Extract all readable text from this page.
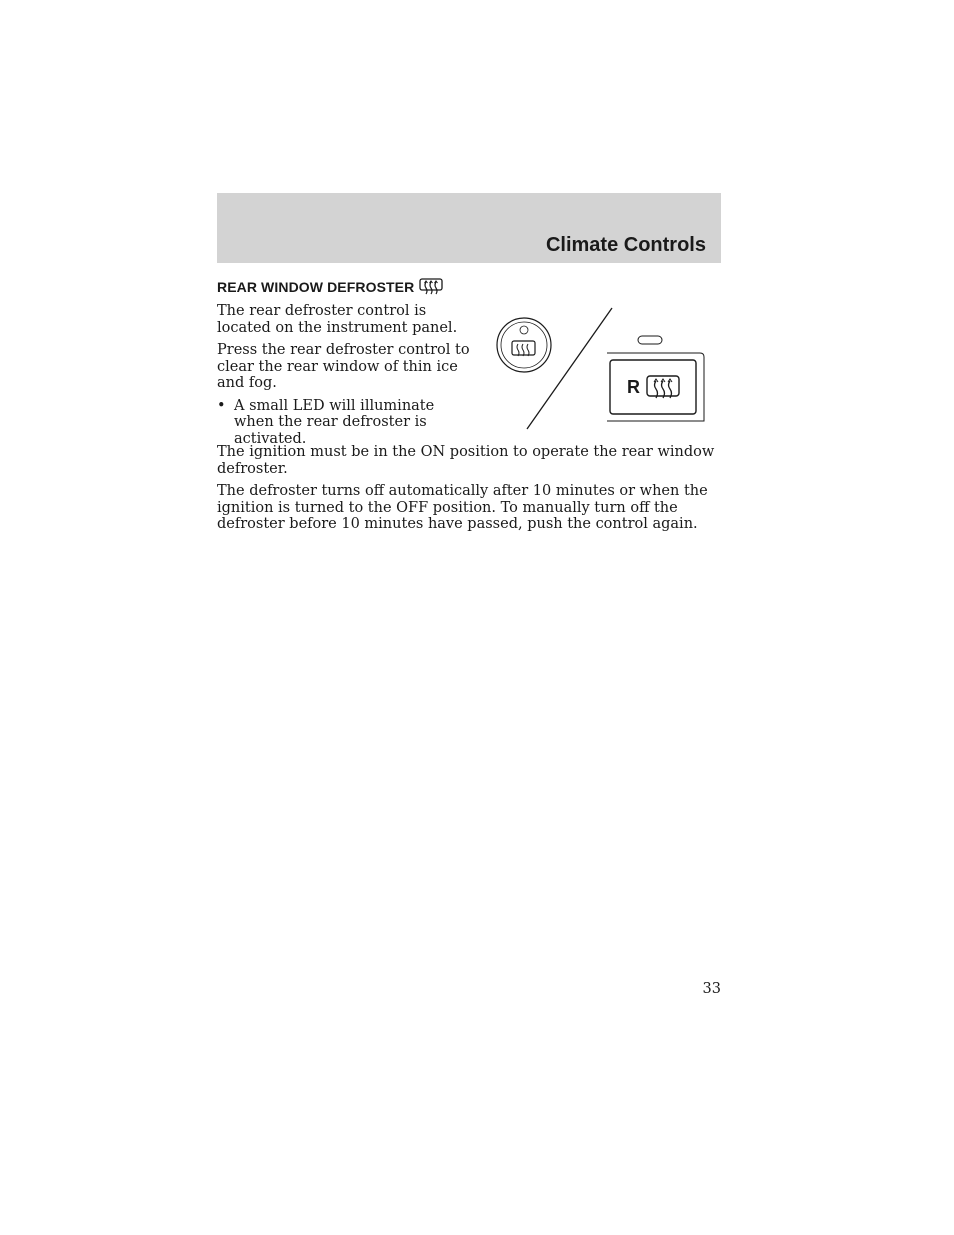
Climate Controls
REAR WINDOW DEFROSTER

The rear defroster control is located on the instrument panel.

Press the rear defroster control to clear the rear window of thin ice and fog.

• A small LED will illuminate when the rear defroster is activated.
R

The ignition must be in the ON position to operate the rear window defroster.

The defroster turns off automatically after 10 minutes or when the ignition is turned to the OFF position. To manually turn off the defroster before 10 minutes have passed, push the control again.

33
